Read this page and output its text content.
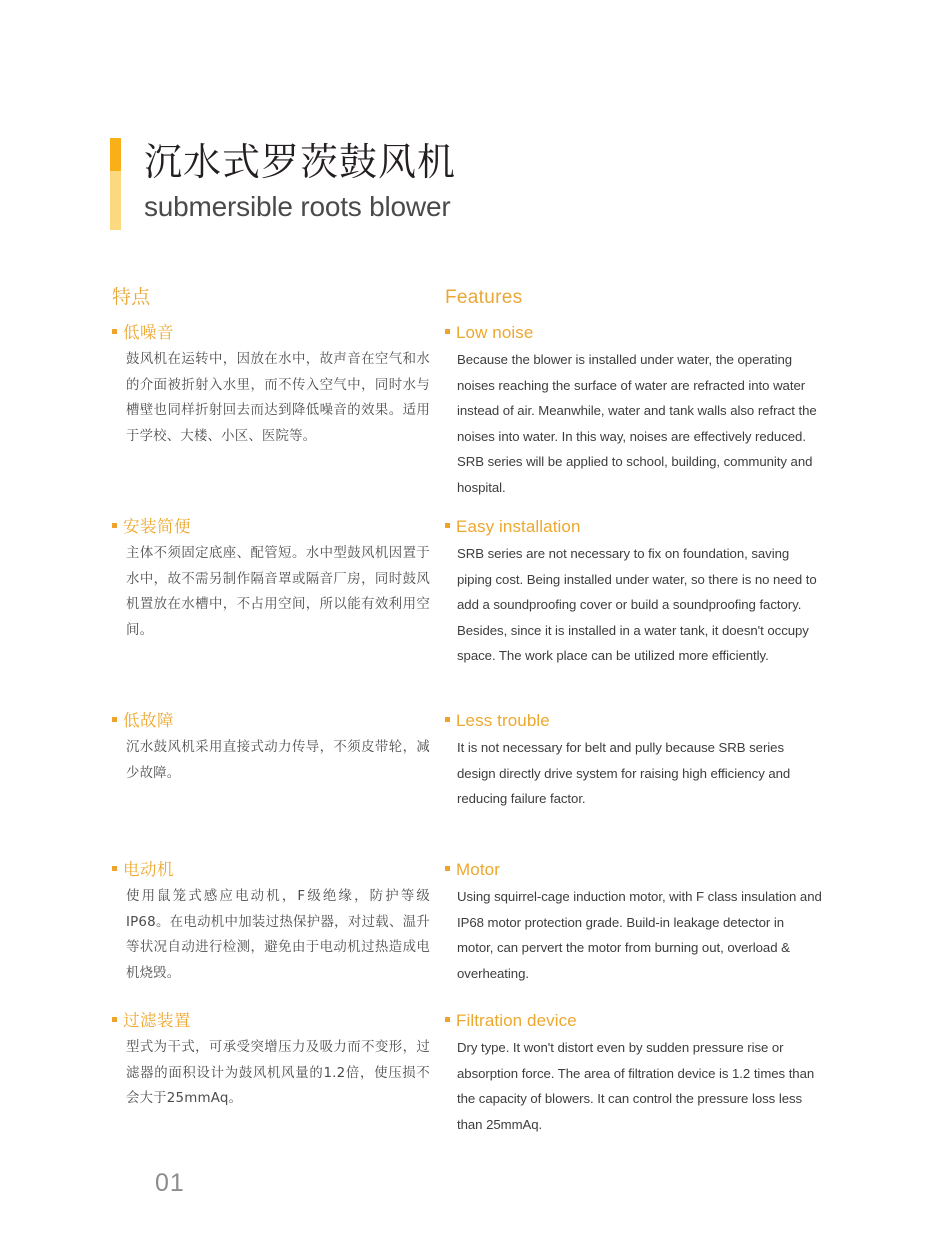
沉水式罗茨鼓风机
submersible roots blower
特点
低噪音

鼓风机在运转中，因放在水中，故声音在空气和水的介面被折射入水里，而不传入空气中，同时水与槽壁也同样折射回去而达到降低噪音的效果。适用于学校、大楼、小区、医院等。

安装简便

主体不须固定底座、配管短。水中型鼓风机因置于水中，故不需另制作隔音罩或隔音厂房，同时鼓风机置放在水槽中，不占用空间，所以能有效利用空间。

低故障

沉水鼓风机采用直接式动力传导，不须皮带轮，减少故障。

电动机

使用鼠笼式感应电动机，F级绝缘，防护等级IP68。在电动机中加装过热保护器，对过载、温升等状况自动进行检测，避免由于电动机过热造成电机烧毁。

过滤装置

型式为干式，可承受突增压力及吸力而不变形，过滤器的面积设计为鼓风机风量的1.2倍，使压损不会大于25mmAq。

Features
Low noise

Because the blower is installed under water, the operating noises reaching the surface of water are refracted into water instead of air. Meanwhile, water and tank walls also refract the noises into water. In this way, noises are effectively reduced. SRB series will be applied to school, building, community and hospital.

Easy installation

SRB series are not necessary to fix on foundation, saving piping cost. Being installed under water, so there is no need to add a soundproofing cover or build a soundproofing factory. Besides, since it is installed in a water tank, it doesn't occupy space. The work place can be utilized more efficiently.

Less trouble

It is not necessary for belt and pully because SRB series design directly drive system for raising high efficiency and reducing failure factor.

Motor

Using squirrel-cage induction motor, with F class insulation and IP68 motor protection grade. Build-in leakage detector in motor, can pervert the motor from burning out, overload & overheating.

Filtration device

Dry type. It won't distort even by sudden pressure rise or absorption force. The area of filtration device is 1.2 times than the capacity of blowers. It can control the pressure loss less than 25mmAq.

01
